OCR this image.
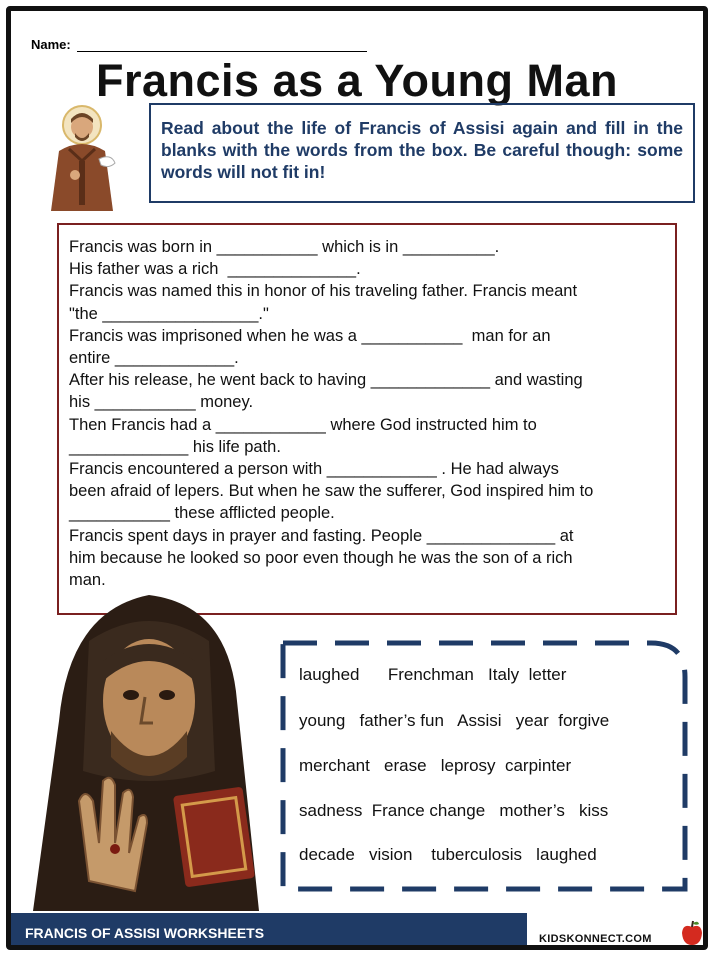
Name:
Francis as a Young Man
Read about the life of Francis of Assisi again and fill in the blanks with the words from the box. Be careful though: some words will not fit in!
Francis was born in ___________ which is in __________.
His father was a rich  ______________.
Francis was named this in honor of his traveling father. Francis meant
"the _________________."
Francis was imprisoned when he was a ___________  man for an
entire _____________.
After his release, he went back to having _____________ and wasting
his ___________ money.
Then Francis had a ____________ where God instructed him to
_____________ his life path.
Francis encountered a person with ____________ . He had always
been afraid of lepers. But when he saw the sufferer, God inspired him to
___________ these afflicted people.
Francis spent days in prayer and fasting. People ______________ at
him because he looked so poor even though he was the son of a rich
man.
laughed      Frenchman   Italy  letter
young   father’s fun   Assisi   year  forgive
merchant   erase   leprosy  carpinter
sadness  France change   mother’s   kiss
decade   vision    tuberculosis   laughed
FRANCIS OF ASSISI WORKSHEETS	KIDSKONNECT.COM
